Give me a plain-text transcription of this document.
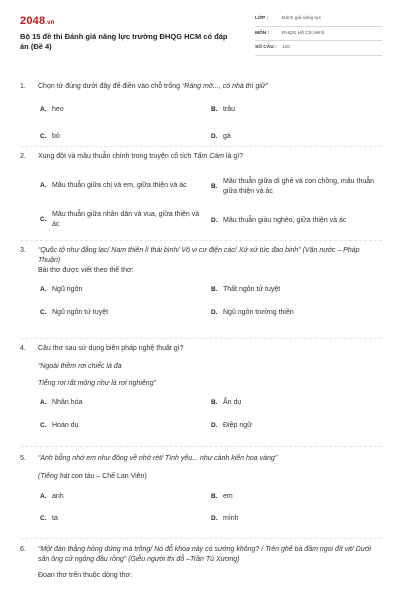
2048.vn
Bộ 15 đề thi Đánh giá năng lực trường ĐHQG HCM có đáp án (Đề 4)
LỚP :	Đánh giá năng lực
MÔN :	ĐHQG Hồ Chí Minh
SỐ CÂU :	120
1.	Chọn từ đúng dưới đây để điền vào chỗ trống “Ráng mỡ..., có nhà thì giữ”
A. heo	B. trâu
C. bò	D. gà
2.	Xung đột và mâu thuẫn chính trong truyện cổ tích Tấm Cám là gì?
A. Mâu thuẫn giữa chị và em, giữa thiện và ác	B.
Mâu thuẫn giữa dì ghẻ và con chồng, mâu thuẫn giữa thiện và ác
C.
Mâu thuẫn giữa nhân dân và vua, giữa thiện và ác	D. Mâu thuẫn giàu nghèo, giữa thiện và ác
3.	“Quốc tộ như đằng lạc/ Nam thiên lí thái bình/ Vô vi cư điện các/ Xứ xứ tức đao binh” (Vận nước – Pháp Thuận)
Bài thơ được viết theo thể thơ:
A. Ngũ ngôn	B. Thất ngôn tứ tuyệt
C. Ngũ ngôn tứ tuyệt	D. Ngũ ngôn trường thiên
4.	Câu thơ sau sử dụng biện pháp nghệ thuật gì?
“Ngoài thềm rơi chiếc lá đa
Tiếng rơi rất mỏng như là rơi nghiêng”
A. Nhân hóa	B. Ẩn dụ
C. Hoán dụ	D. Điệp ngữ
5.	“Anh bỗng nhớ em như đông về nhớ rét/ Tình yêu... như cánh kiến hoa vàng”
(Tiếng hát con tàu – Chế Lan Viên)
A. anh	B. em
C. ta	D. mình
6.	“Một đàn thằng hỏng đứng mà trông/ Nó đỗ khoa này có sướng không? / Trên ghế bà đầm ngoi đít vịt/ Dưới sân ông cử ngỏng đầu rồng” (Giễu người thi đỗ –Trần Tú Xương)
Đoạn thơ trên thuộc dòng thơ:
